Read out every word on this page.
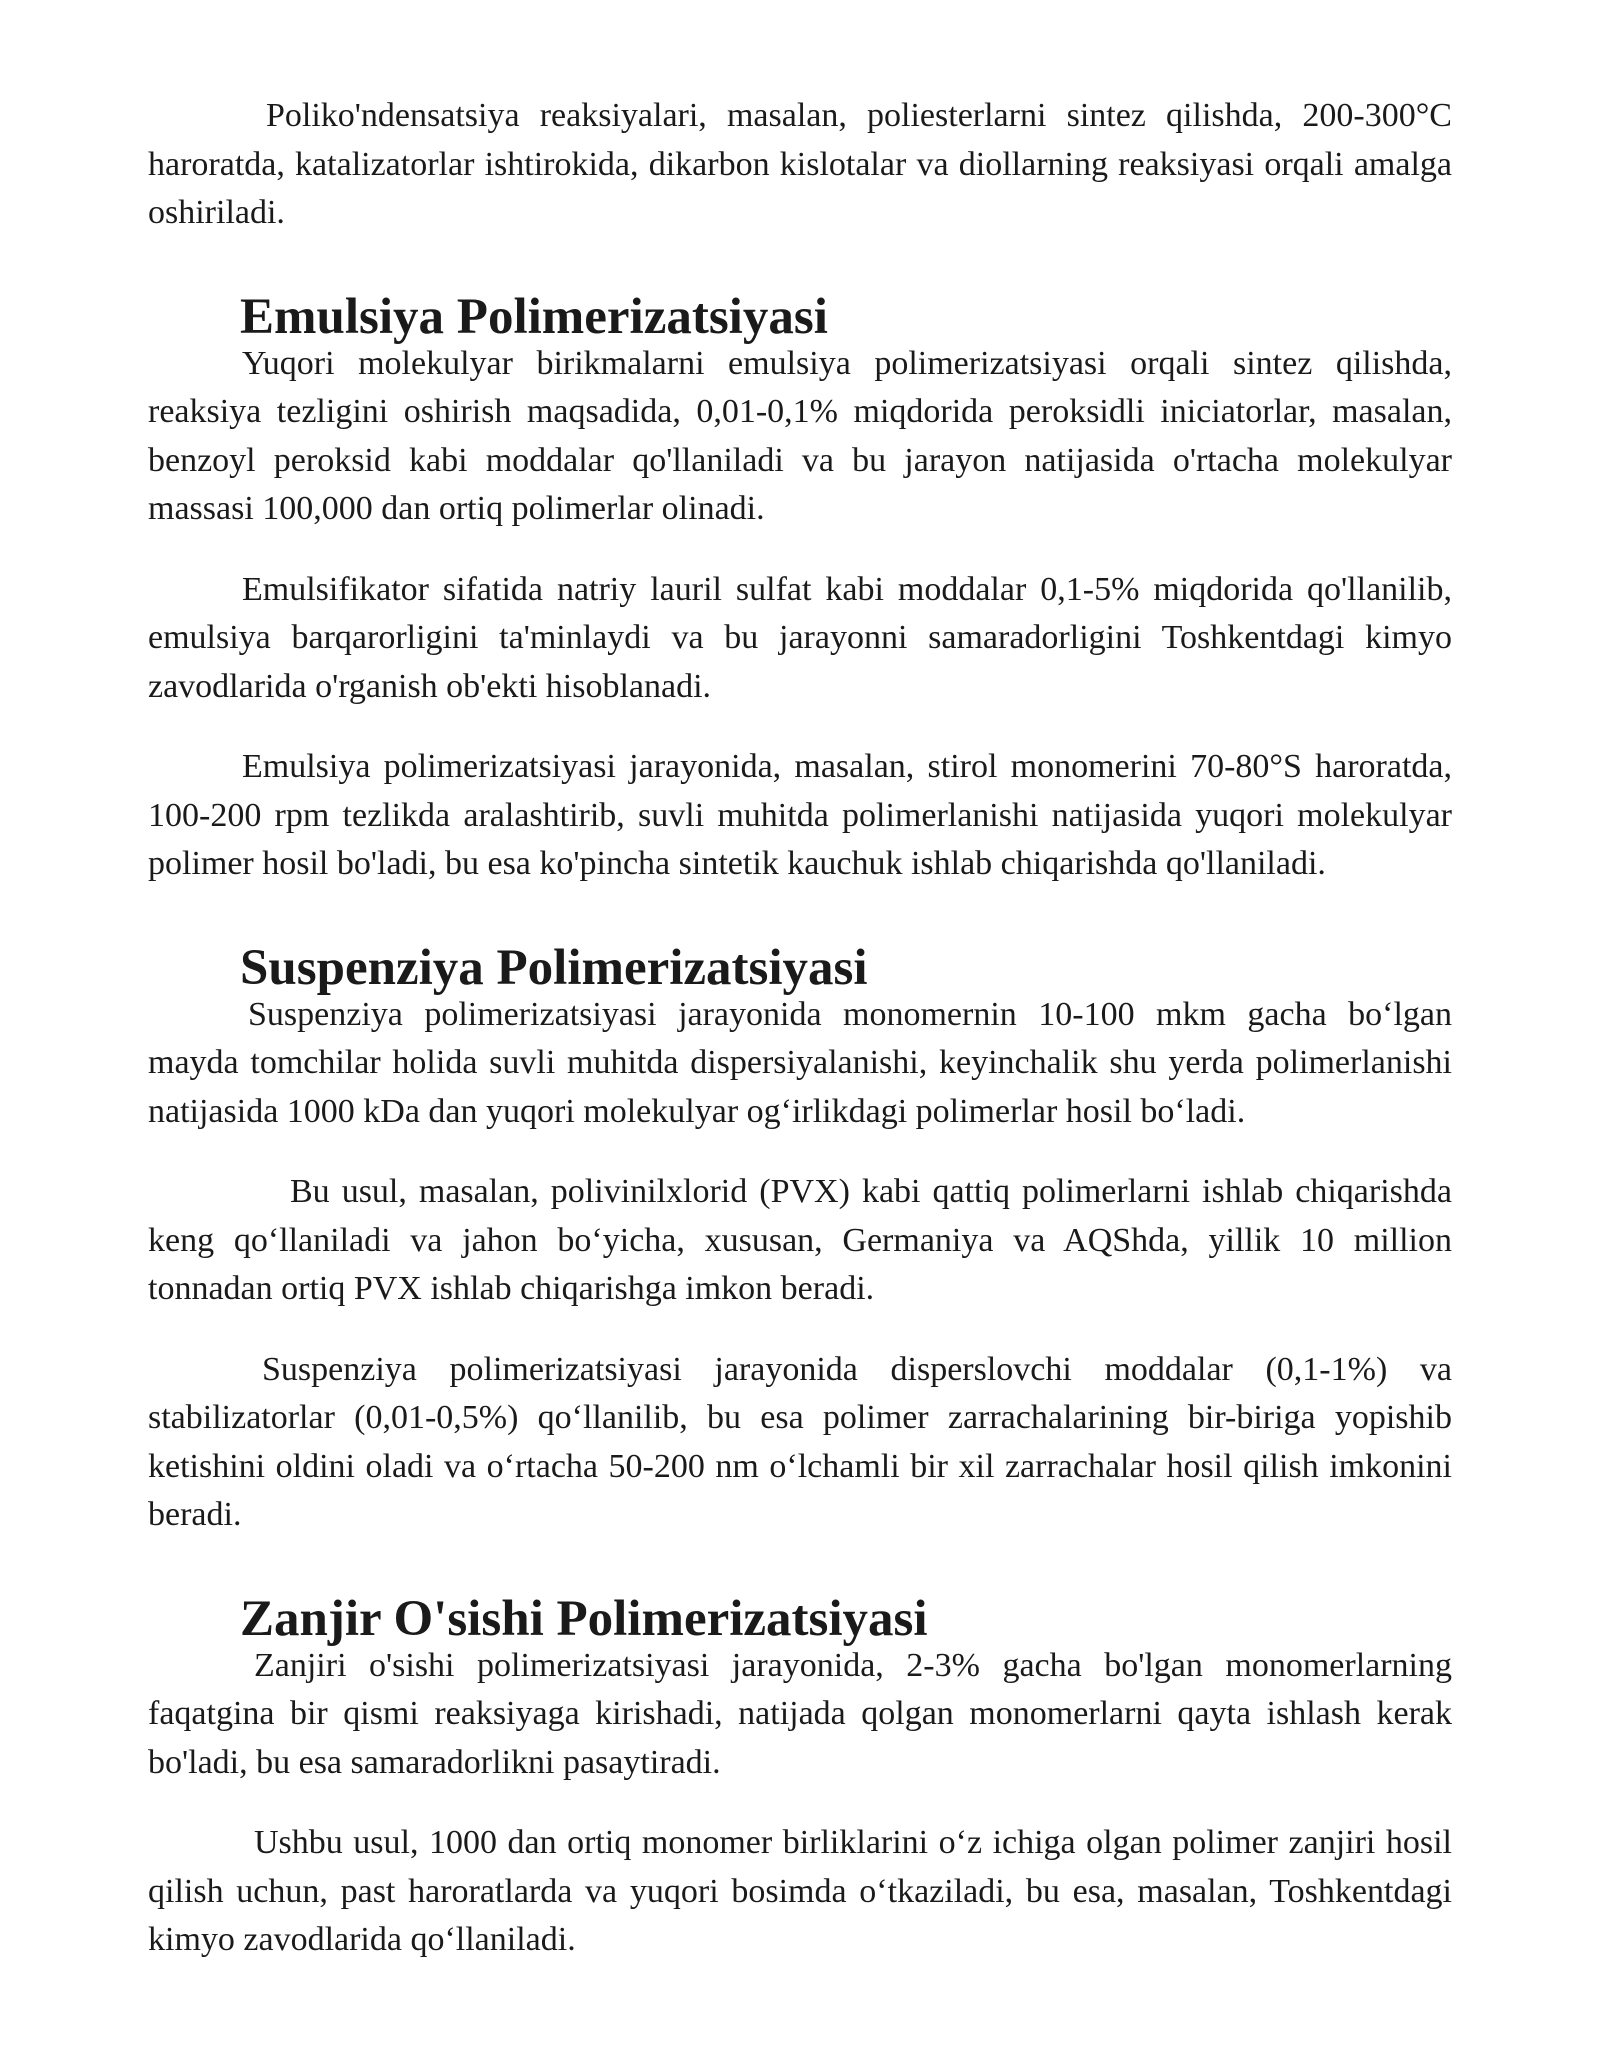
Poliko'ndensatsiya reaksiyalari, masalan, poliesterlarni sintez qilishda, 200-300°C haroratda, katalizatorlar ishtirokida, dikarbon kislotalar va diollarning reaksiyasi orqali amalga oshiriladi.

Emulsiya Polimerizatsiyasi

Yuqori molekulyar birikmalarni emulsiya polimerizatsiyasi orqali sintez qilishda, reaksiya tezligini oshirish maqsadida, 0,01-0,1% miqdorida peroksidli iniciatorlar, masalan, benzoyl peroksid kabi moddalar qo'llaniladi va bu jarayon natijasida o'rtacha molekulyar massasi 100,000 dan ortiq polimerlar olinadi.

Emulsifikator sifatida natriy lauril sulfat kabi moddalar 0,1-5% miqdorida qo'llanilib, emulsiya barqarorligini ta'minlaydi va bu jarayonni samaradorligini Toshkentdagi kimyo zavodlarida o'rganish ob'ekti hisoblanadi.

Emulsiya polimerizatsiyasi jarayonida, masalan, stirol monomerini 70-80°S haroratda, 100-200 rpm tezlikda aralashtirib, suvli muhitda polimerlanishi natijasida yuqori molekulyar polimer hosil bo'ladi, bu esa ko'pincha sintetik kauchuk ishlab chiqarishda qo'llaniladi.

Suspenziya Polimerizatsiyasi

Suspenziya polimerizatsiyasi jarayonida monomernin 10-100 mkm gacha bo‘lgan mayda tomchilar holida suvli muhitda dispersiyalanishi, keyinchalik shu yerda polimerlanishi natijasida 1000 kDa dan yuqori molekulyar og‘irlikdagi polimerlar hosil bo‘ladi.

Bu usul, masalan, polivinilxlorid (PVX) kabi qattiq polimerlarni ishlab chiqarishda keng qo‘llaniladi va jahon bo‘yicha, xususan, Germaniya va AQShda, yillik 10 million tonnadan ortiq PVX ishlab chiqarishga imkon beradi.

Suspenziya polimerizatsiyasi jarayonida disperslovchi moddalar (0,1-1%) va stabilizatorlar (0,01-0,5%) qo‘llanilib, bu esa polimer zarrachalarining bir-biriga yopishib ketishini oldini oladi va o‘rtacha 50-200 nm o‘lchamli bir xil zarrachalar hosil qilish imkonini beradi.

Zanjir O'sishi Polimerizatsiyasi

Zanjiri o'sishi polimerizatsiyasi jarayonida, 2-3% gacha bo'lgan monomerlarning faqatgina bir qismi reaksiyaga kirishadi, natijada qolgan monomerlarni qayta ishlash kerak bo'ladi, bu esa samaradorlikni pasaytiradi.

Ushbu usul, 1000 dan ortiq monomer birliklarini o‘z ichiga olgan polimer zanjiri hosil qilish uchun, past haroratlarda va yuqori bosimda o‘tkaziladi, bu esa, masalan, Toshkentdagi kimyo zavodlarida qo‘llaniladi.
